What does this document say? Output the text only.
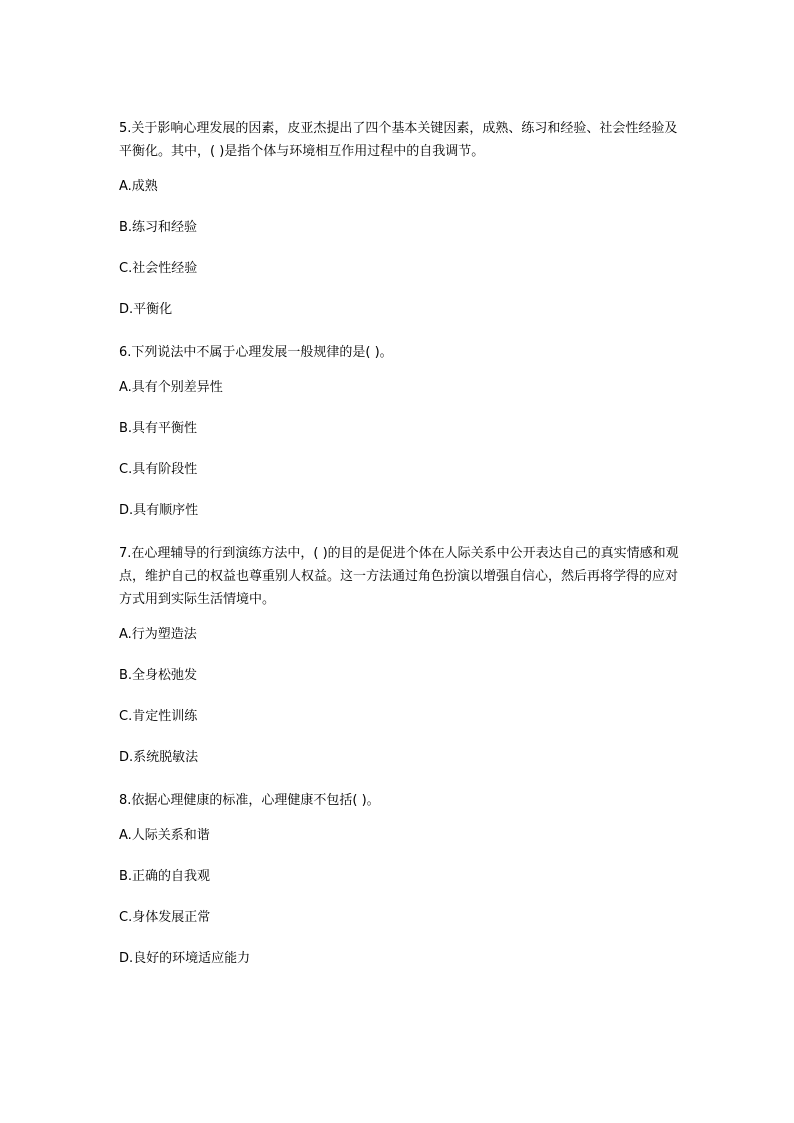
5.关于影响心理发展的因素，皮亚杰提出了四个基本关键因素，成熟、练习和经验、社会性经验及平衡化。其中，( )是指个体与环境相互作用过程中的自我调节。

A.成熟

B.练习和经验

C.社会性经验

D.平衡化

6.下列说法中不属于心理发展一般规律的是( )。

A.具有个别差异性

B.具有平衡性

C.具有阶段性

D.具有顺序性

7.在心理辅导的行到演练方法中，( )的目的是促进个体在人际关系中公开表达自己的真实情感和观点，维护自己的权益也尊重别人权益。这一方法通过角色扮演以增强自信心，然后再将学得的应对方式用到实际生活情境中。

A.行为塑造法

B.全身松弛发

C.肯定性训练

D.系统脱敏法

8.依据心理健康的标准，心理健康不包括( )。

A.人际关系和谐

B.正确的自我观

C.身体发展正常

D.良好的环境适应能力
